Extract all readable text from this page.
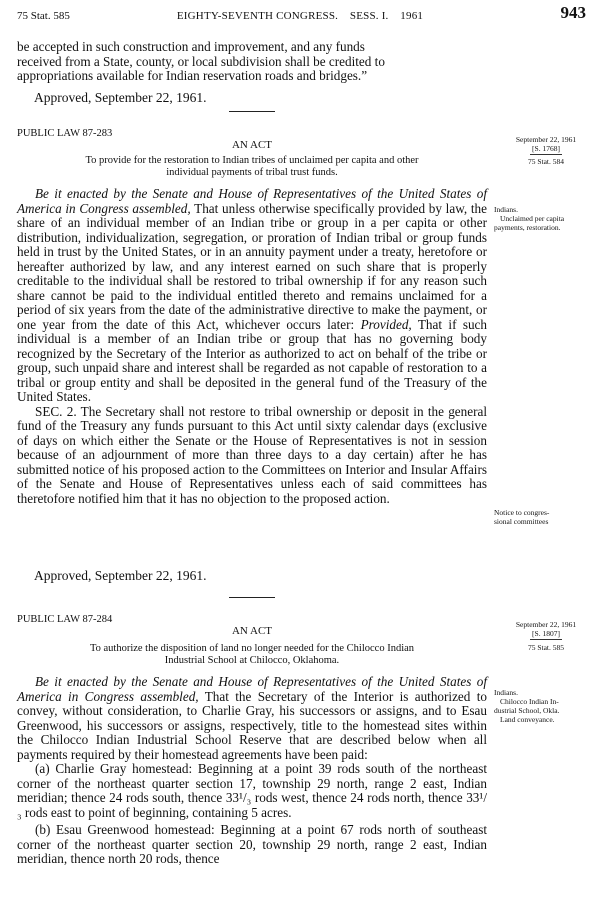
75 Stat. 585	EIGHTY-SEVENTH CONGRESS.    SESS. I.    1961	943

be accepted in such construction and improvement, and any funds

received from a State, county, or local subdivision shall be credited to

appropriations available for Indian reservation roads and bridges.”

Approved, September 22, 1961.
PUBLIC LAW 87-283
AN ACT
To provide for the restoration to Indian tribes of unclaimed per capita and other
individual payments of tribal trust funds.
September 22, 1961
[S. 1768]
75 Stat. 584
Indians.
Unclaimed per capita
payments, restoration.

Be it enacted by the Senate and House of Representatives of the United States of America in Congress assembled, That unless otherwise specifically provided by law, the share of an individual member of an Indian tribe or group in a per capita or other distribution, individualization, segregation, or proration of Indian tribal or group funds held in trust by the United States, or in an annuity payment under a treaty, heretofore or hereafter authorized by law, and any interest earned on such share that is properly creditable to the individual shall be restored to tribal ownership if for any reason such share cannot be paid to the individual entitled thereto and remains unclaimed for a period of six years from the date of the administrative directive to make the payment, or one year from the date of this Act, whichever occurs later: Provided, That if such individual is a member of an Indian tribe or group that has no governing body recognized by the Secretary of the Interior as authorized to act on behalf of the tribe or group, such unpaid share and interest shall be regarded as not capable of restoration to a tribal or group entity and shall be deposited in the general fund of the Treasury of the United States.

SEC. 2. The Secretary shall not restore to tribal ownership or deposit in the general fund of the Treasury any funds pursuant to this Act until sixty calendar days (exclusive of days on which either the Senate or the House of Representatives is not in session because of an adjournment of more than three days to a day certain) after he has submitted notice of his proposed action to the Committees on Interior and Insular Affairs of the Senate and House of Representatives unless each of said committees has theretofore notified him that it has no objection to the proposed action.

Notice to congres-
sional committees
Approved, September 22, 1961.
PUBLIC LAW 87-284
AN ACT
To authorize the disposition of land no longer needed for the Chilocco Indian
Industrial School at Chilocco, Oklahoma.
September 22, 1961
[S. 1807]
75 Stat. 585
Indians.
Chilocco Indian In-
dustrial School, Okla.
Land conveyance.

Be it enacted by the Senate and House of Representatives of the United States of America in Congress assembled, That the Secretary of the Interior is authorized to convey, without consideration, to Charlie Gray, his successors or assigns, and to Esau Greenwood, his successors or assigns, respectively, title to the homestead sites within the Chilocco Indian Industrial School Reserve that are described below when all payments required by their homestead agreements have been paid:

(a) Charlie Gray homestead: Beginning at a point 39 rods south of the northeast corner of the northeast quarter section 17, township 29 north, range 2 east, Indian meridian; thence 24 rods south, thence 33¹/₃ rods west, thence 24 rods north, thence 33¹/₃ rods east to point of beginning, containing 5 acres.

(b) Esau Greenwood homestead: Beginning at a point 67 rods north of southeast corner of the northeast quarter section 20, township 29 north, range 2 east, Indian meridian, thence north 20 rods, thence
